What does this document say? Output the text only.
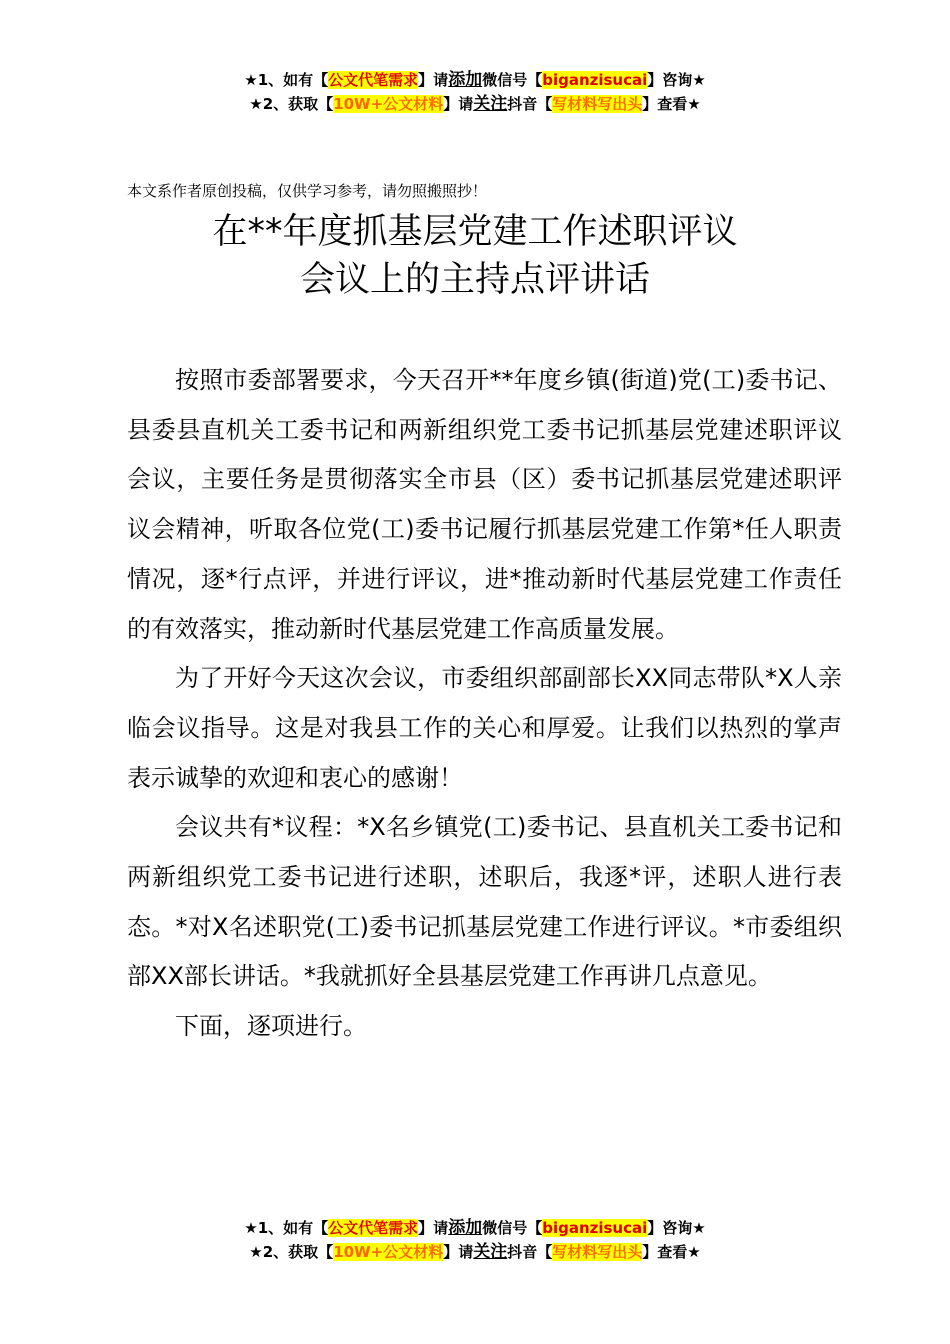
★1、如有【公文代笔需求】请添加微信号【biganzisucai】咨询★
★2、获取【10W+公文材料】请关注抖音【写材料写出头】查看★
本文系作者原创投稿，仅供学习参考，请勿照搬照抄！
在**年度抓基层党建工作述职评议
会议上的主持点评讲话

按照市委部署要求，今天召开**年度乡镇(街道)党(工)委书记、县委县直机关工委书记和两新组织党工委书记抓基层党建述职评议会议，主要任务是贯彻落实全市县（区）委书记抓基层党建述职评议会精神，听取各位党(工)委书记履行抓基层党建工作第*任人职责情况，逐*行点评，并进行评议，进*推动新时代基层党建工作责任的有效落实，推动新时代基层党建工作高质量发展。

为了开好今天这次会议，市委组织部副部长XX同志带队*X人亲临会议指导。这是对我县工作的关心和厚爱。让我们以热烈的掌声表示诚挚的欢迎和衷心的感谢！

会议共有*议程：*X名乡镇党(工)委书记、县直机关工委书记和两新组织党工委书记进行述职，述职后，我逐*评，述职人进行表态。*对X名述职党(工)委书记抓基层党建工作进行评议。*市委组织部XX部长讲话。*我就抓好全县基层党建工作再讲几点意见。

下面，逐项进行。

★1、如有【公文代笔需求】请添加微信号【biganzisucai】咨询★
★2、获取【10W+公文材料】请关注抖音【写材料写出头】查看★
